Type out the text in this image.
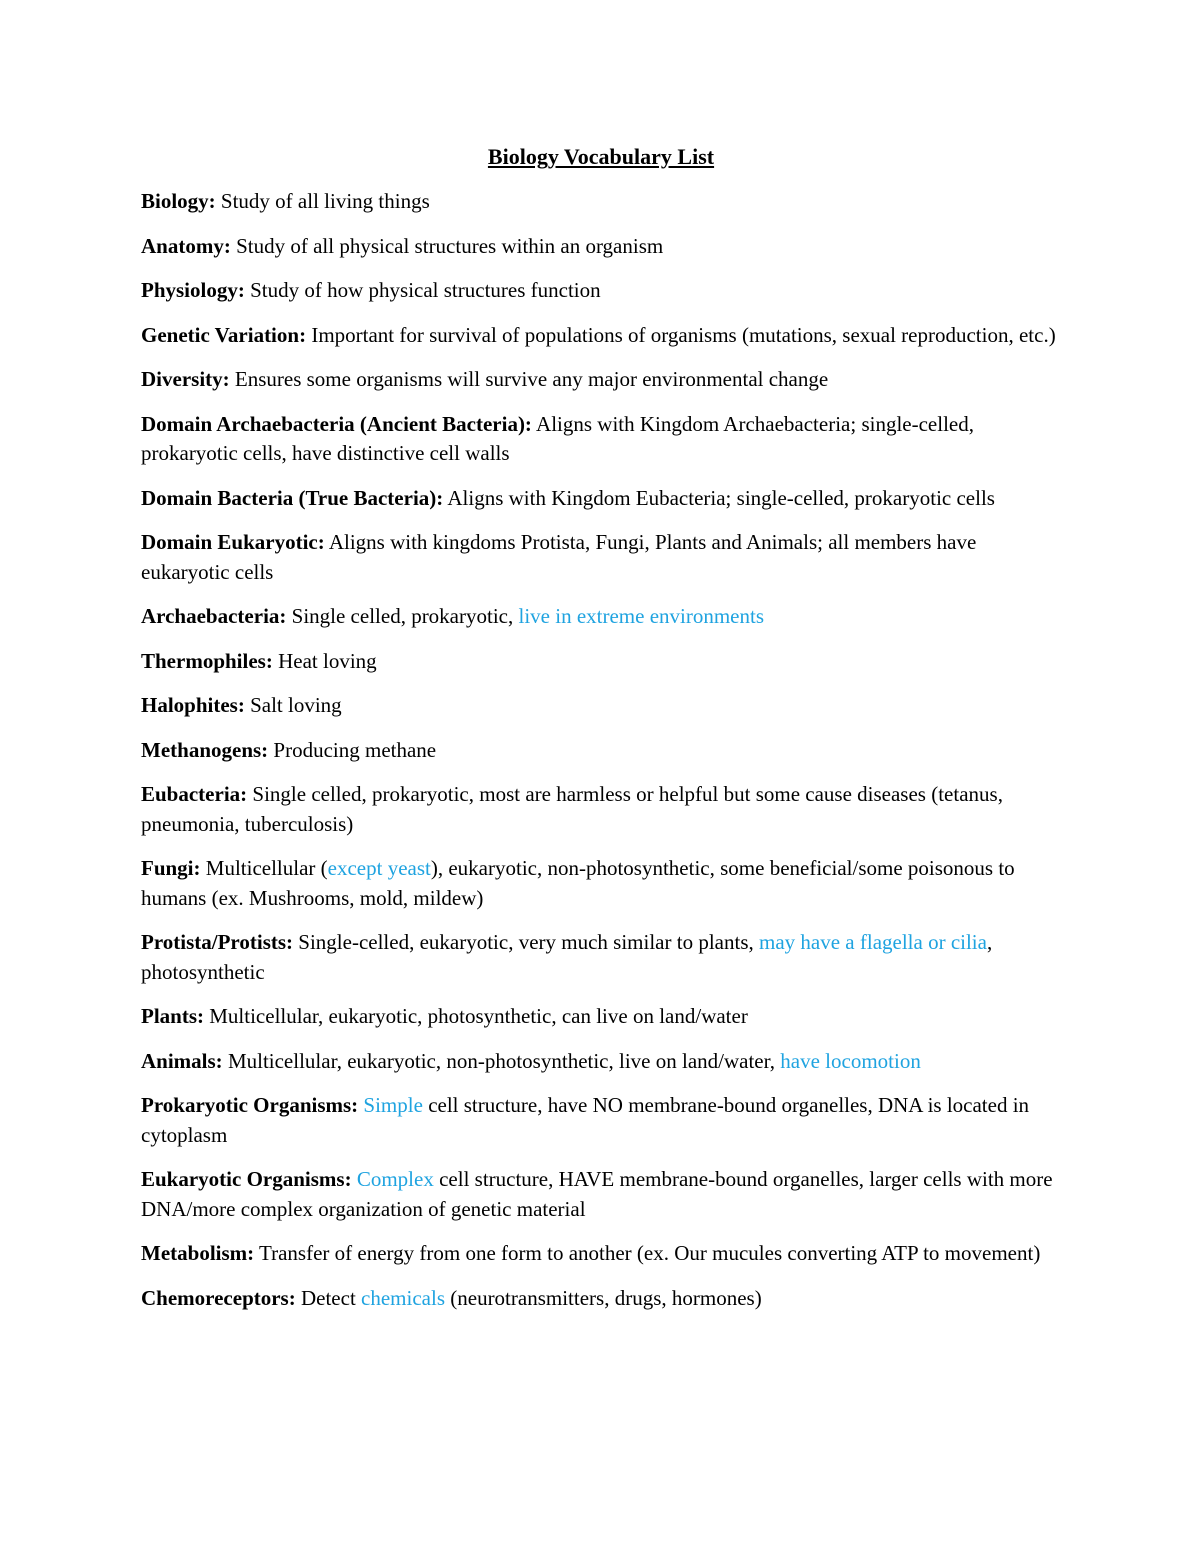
Biology Vocabulary List
Biology: Study of all living things
Anatomy: Study of all physical structures within an organism
Physiology: Study of how physical structures function
Genetic Variation: Important for survival of populations of organisms (mutations, sexual reproduction, etc.)
Diversity: Ensures some organisms will survive any major environmental change
Domain Archaebacteria (Ancient Bacteria): Aligns with Kingdom Archaebacteria; single-celled, prokaryotic cells, have distinctive cell walls
Domain Bacteria (True Bacteria): Aligns with Kingdom Eubacteria; single-celled, prokaryotic cells
Domain Eukaryotic: Aligns with kingdoms Protista, Fungi, Plants and Animals; all members have eukaryotic cells
Archaebacteria: Single celled, prokaryotic, live in extreme environments
Thermophiles: Heat loving
Halophites: Salt loving
Methanogens: Producing methane
Eubacteria: Single celled, prokaryotic, most are harmless or helpful but some cause diseases (tetanus, pneumonia, tuberculosis)
Fungi: Multicellular (except yeast), eukaryotic, non-photosynthetic, some beneficial/some poisonous to humans (ex. Mushrooms, mold, mildew)
Protista/Protists: Single-celled, eukaryotic, very much similar to plants, may have a flagella or cilia, photosynthetic
Plants: Multicellular, eukaryotic, photosynthetic, can live on land/water
Animals: Multicellular, eukaryotic, non-photosynthetic, live on land/water, have locomotion
Prokaryotic Organisms: Simple cell structure, have NO membrane-bound organelles, DNA is located in cytoplasm
Eukaryotic Organisms: Complex cell structure, HAVE membrane-bound organelles, larger cells with more DNA/more complex organization of genetic material
Metabolism: Transfer of energy from one form to another (ex. Our mucules converting ATP to movement)
Chemoreceptors: Detect chemicals (neurotransmitters, drugs, hormones)
